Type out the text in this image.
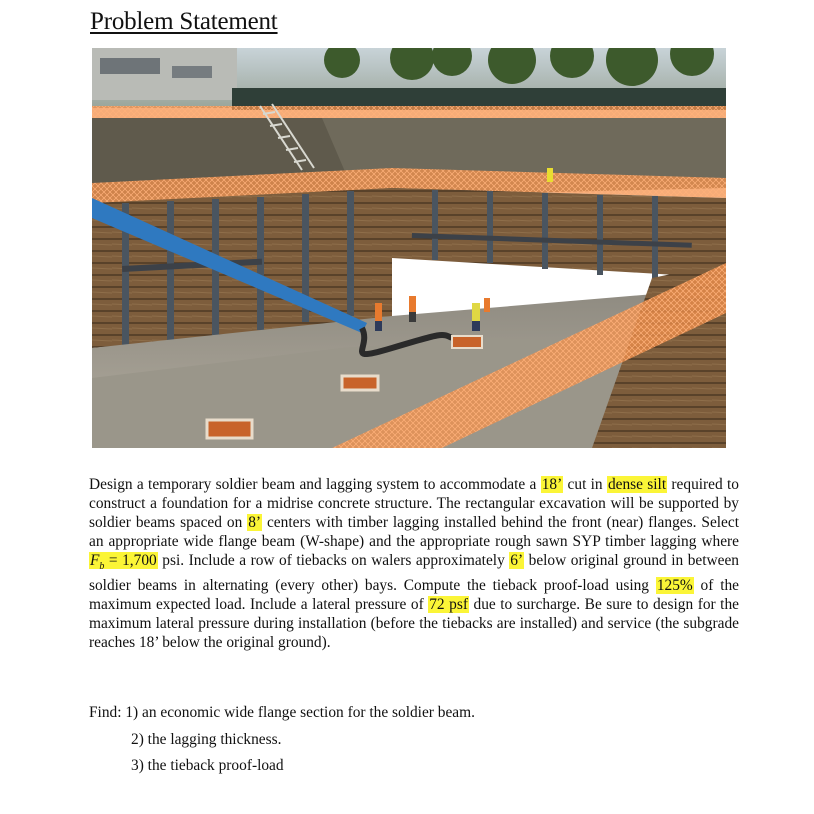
Problem Statement

Design a temporary soldier beam and lagging system to accommodate a 18’ cut in dense silt required to construct a foundation for a midrise concrete structure. The rectangular excavation will be supported by soldier beams spaced on 8’ centers with timber lagging installed behind the front (near) flanges. Select an appropriate wide flange beam (W-shape) and the appropriate rough sawn SYP timber lagging where $F_b = 1,700$ psi. Include a row of tiebacks on walers approximately 6’ below original ground in between soldier beams in alternating (every other) bays. Compute the tieback proof-load using 125% of the maximum expected load. Include a lateral pressure of 72 psf due to surcharge. Be sure to design for the maximum lateral pressure during installation (before the tiebacks are installed) and service (the subgrade reaches 18’ below the original ground).

Find: 1) an economic wide flange section for the soldier beam.

2) the lagging thickness.

3) the tieback proof-load
